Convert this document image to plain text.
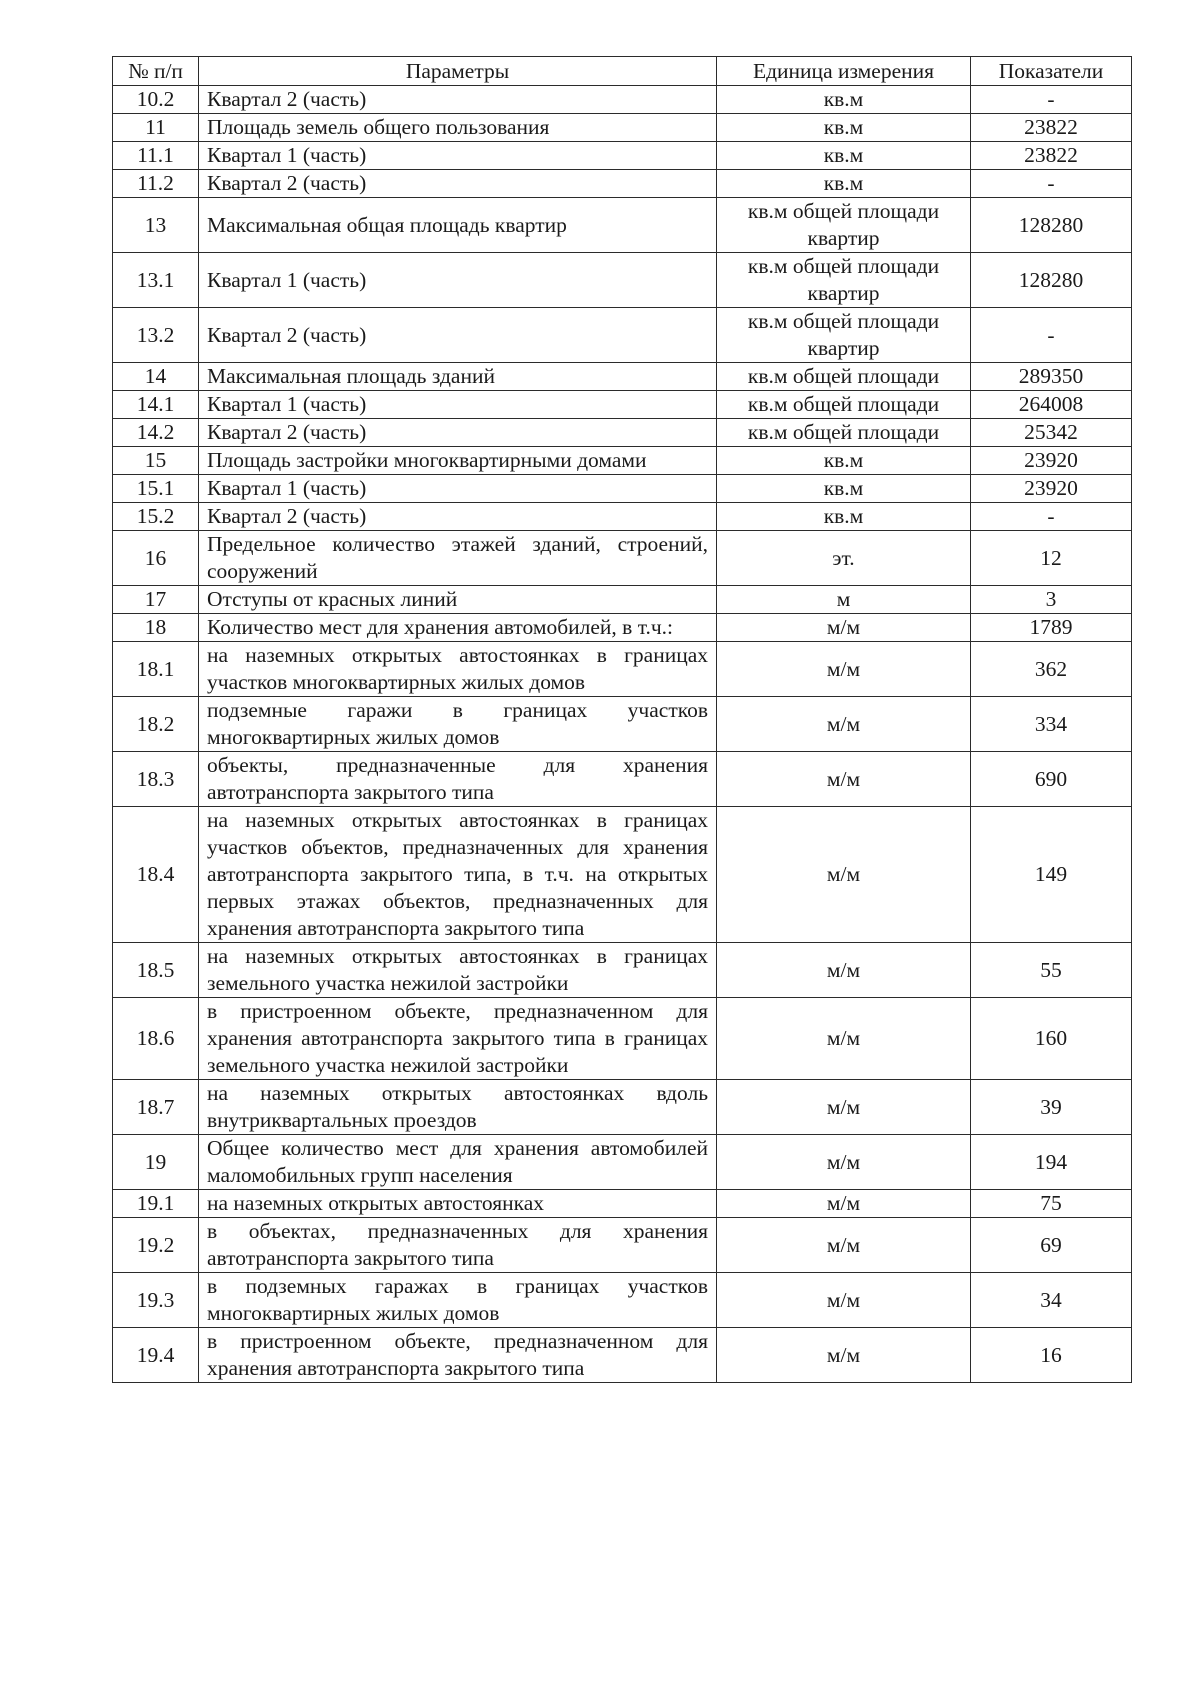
№ п/п	Параметры	Единица измерения	Показатели
10.2	Квартал 2 (часть)	кв.м	-
11	Площадь земель общего пользования	кв.м	23822
11.1	Квартал 1 (часть)	кв.м	23822
11.2	Квартал 2 (часть)	кв.м	-
13	Максимальная общая площадь квартир	кв.м общей площади квартир	128280
13.1	Квартал 1 (часть)	кв.м общей площади квартир	128280
13.2	Квартал 2 (часть)	кв.м общей площади квартир	-
14	Максимальная площадь зданий	кв.м общей площади	289350
14.1	Квартал 1 (часть)	кв.м общей площади	264008
14.2	Квартал 2 (часть)	кв.м общей площади	25342
15	Площадь застройки многоквартирными домами	кв.м	23920
15.1	Квартал 1 (часть)	кв.м	23920
15.2	Квартал 2 (часть)	кв.м	-
16	Предельное количество этажей зданий, строений, сооружений	эт.	12
17	Отступы от красных линий	м	3
18	Количество мест для хранения автомобилей, в т.ч.:	м/м	1789
18.1	на наземных открытых автостоянках в границах участков многоквартирных жилых домов	м/м	362
18.2	подземные гаражи в границах участков многоквартирных жилых домов	м/м	334
18.3	объекты, предназначенные для хранения автотранспорта закрытого типа	м/м	690
18.4	на наземных открытых автостоянках в границах участков объектов, предназначенных для хранения автотранспорта закрытого типа, в т.ч. на открытых первых этажах объектов, предназначенных для хранения автотранспорта закрытого типа	м/м	149
18.5	на наземных открытых автостоянках в границах земельного участка нежилой застройки	м/м	55
18.6	в пристроенном объекте, предназначенном для хранения автотранспорта закрытого типа в границах земельного участка нежилой застройки	м/м	160
18.7	на наземных открытых автостоянках вдоль внутриквартальных проездов	м/м	39
19	Общее количество мест для хранения автомобилей маломобильных групп населения	м/м	194
19.1	на наземных открытых автостоянках	м/м	75
19.2	в объектах, предназначенных для хранения автотранспорта закрытого типа	м/м	69
19.3	в подземных гаражах в границах участков многоквартирных жилых домов	м/м	34
19.4	в пристроенном объекте, предназначенном для хранения автотранспорта закрытого типа	м/м	16
